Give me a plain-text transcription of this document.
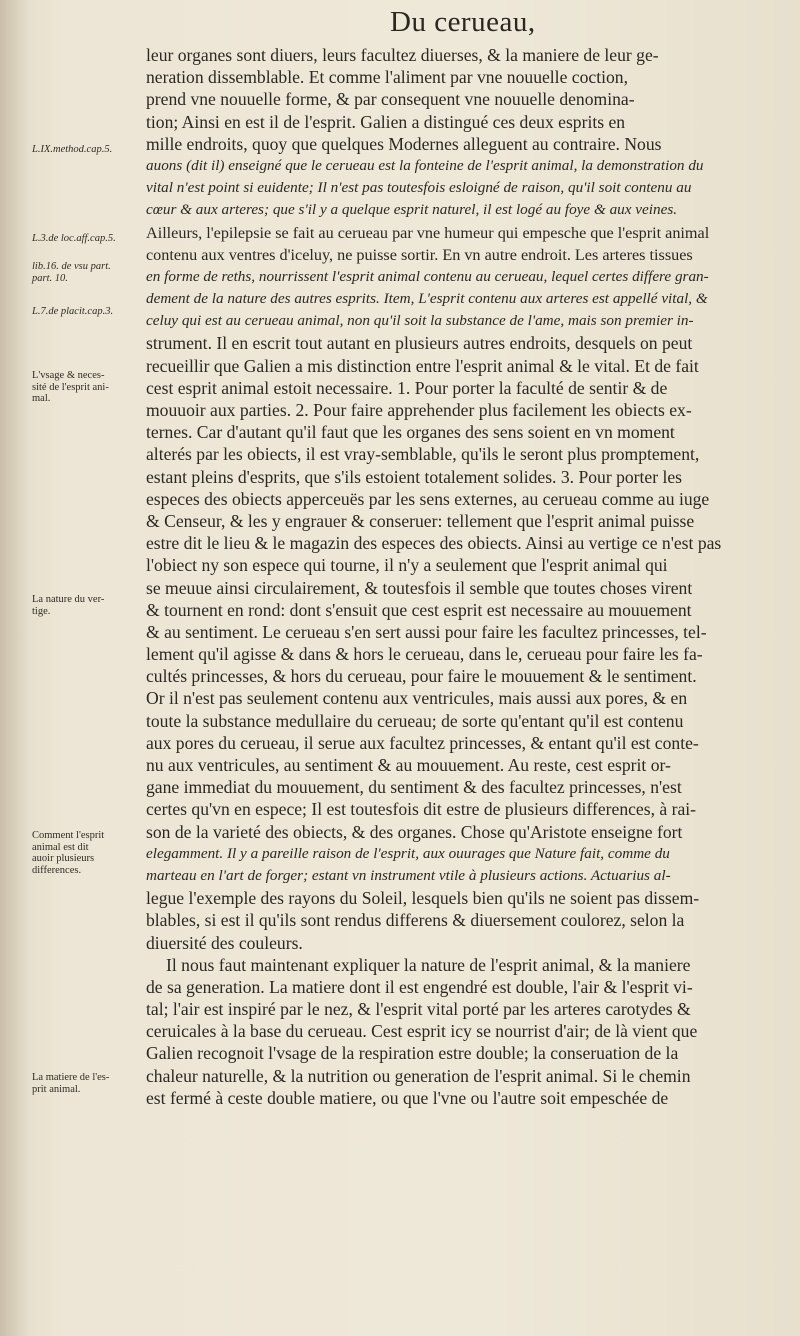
Du cerueau,
leur organes sont diuers, leurs facultez diuerses, & la maniere de leur ge-
neration dissemblable. Et comme l'aliment par vne nouuelle coction,
prend vne nouuelle forme, & par consequent vne nouuelle denomina-
tion; Ainsi en est il de l'esprit. Galien a distingué ces deux esprits en
mille endroits, quoy que quelques Modernes alleguent au contraire. Nous
auons (dit il) enseigné que le cerueau est la fonteine de l'esprit animal, la demonstration du
vital n'est point si euidente; Il n'est pas toutesfois esloigné de raison, qu'il soit contenu au
cœur & aux arteres; que s'il y a quelque esprit naturel, il est logé au foye & aux veines.
Ailleurs, l'epilepsie se fait au cerueau par vne humeur qui empesche que l'esprit animal
contenu aux ventres d'iceluy, ne puisse sortir. En vn autre endroit. Les arteres tissues
en forme de reths, nourrissent l'esprit animal contenu au cerueau, lequel certes differe gran-
dement de la nature des autres esprits. Item, L'esprit contenu aux arteres est appellé vital, &
celuy qui est au cerueau animal, non qu'il soit la substance de l'ame, mais son premier in-
strument. Il en escrit tout autant en plusieurs autres endroits, desquels on peut
recueillir que Galien a mis distinction entre l'esprit animal & le vital. Et de fait
cest esprit animal estoit necessaire. 1. Pour porter la faculté de sentir & de
mouuoir aux parties. 2. Pour faire apprehender plus facilement les obiects ex-
ternes. Car d'autant qu'il faut que les organes des sens soient en vn moment
alterés par les obiects, il est vray-semblable, qu'ils le seront plus promptement,
estant pleins d'esprits, que s'ils estoient totalement solides. 3. Pour porter les
especes des obiects apperceuës par les sens externes, au cerueau comme au iuge
& Censeur, & les y engrauer & conseruer: tellement que l'esprit animal puisse
estre dit le lieu & le magazin des especes des obiects. Ainsi au vertige ce n'est pas
l'obiect ny son espece qui tourne, il n'y a seulement que l'esprit animal qui
se meuue ainsi circulairement, & toutesfois il semble que toutes choses virent
& tournent en rond: dont s'ensuit que cest esprit est necessaire au mouuement
& au sentiment. Le cerueau s'en sert aussi pour faire les facultez princesses, tel-
lement qu'il agisse & dans & hors le cerueau, dans le, cerueau pour faire les fa-
cultés princesses, & hors du cerueau, pour faire le mouuement & le sentiment.
Or il n'est pas seulement contenu aux ventricules, mais aussi aux pores, & en
toute la substance medullaire du cerueau; de sorte qu'entant qu'il est contenu
aux pores du cerueau, il serue aux facultez princesses, & entant qu'il est conte-
nu aux ventricules, au sentiment & au mouuement. Au reste, cest esprit or-
gane immediat du mouuement, du sentiment & des facultez princesses, n'est
certes qu'vn en espece; Il est toutesfois dit estre de plusieurs differences, à rai-
son de la varieté des obiects, & des organes. Chose qu'Aristote enseigne fort
elegamment. Il y a pareille raison de l'esprit, aux ouurages que Nature fait, comme du
marteau en l'art de forger; estant vn instrument vtile à plusieurs actions. Actuarius al-
legue l'exemple des rayons du Soleil, lesquels bien qu'ils ne soient pas dissem-
blables, si est il qu'ils sont rendus differens & diuersement coulorez, selon la
diuersité des couleurs.
Il nous faut maintenant expliquer la nature de l'esprit animal, & la maniere
de sa generation. La matiere dont il est engendré est double, l'air & l'esprit vi-
tal; l'air est inspiré par le nez, & l'esprit vital porté par les arteres carotydes &
ceruicales à la base du cerueau. Cest esprit icy se nourrist d'air; de là vient que
Galien recognoit l'vsage de la respiration estre double; la conseruation de la
chaleur naturelle, & la nutrition ou generation de l'esprit animal. Si le chemin
est fermé à ceste double matiere, ou que l'vne ou l'autre soit empeschée de
L.IX.method.cap.5.
L.3.de loc.aff.cap.5.
lib.16. de vsu part.
part. 10.
L.7.de placit.cap.3.
L'vsage & neces-
sité de l'esprit ani-
mal.
La nature du ver-
tige.
Comment l'esprit
animal est dit
auoir plusieurs
differences.
La matiere de l'es-
prit animal.
